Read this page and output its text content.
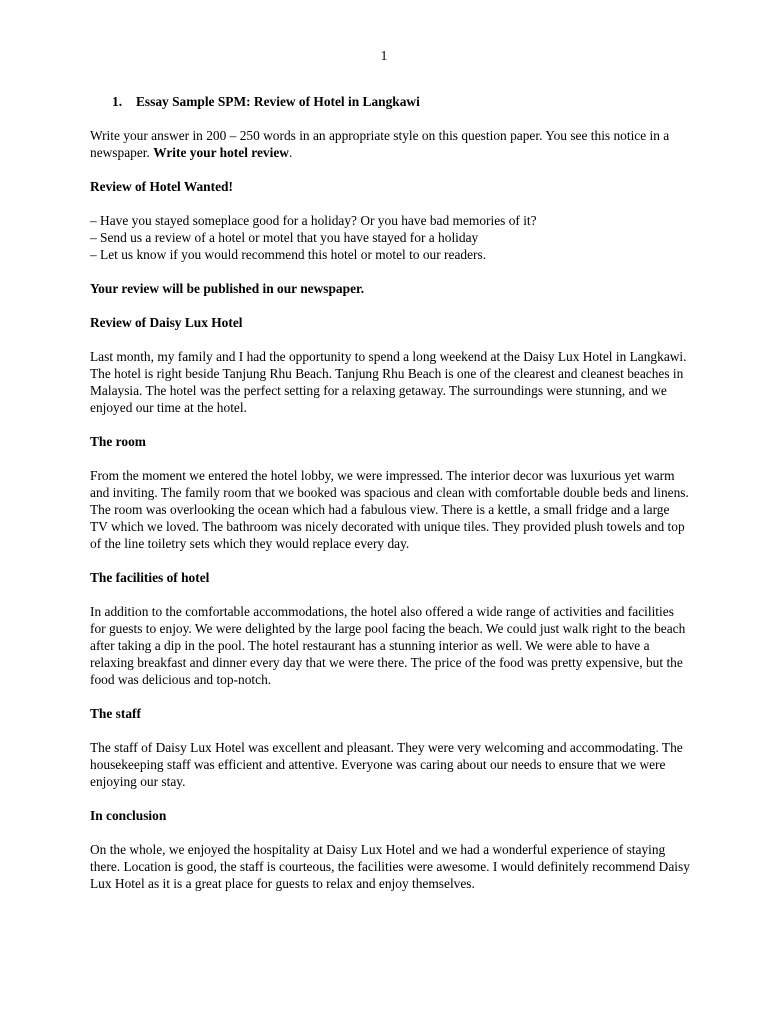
1

1. Essay Sample SPM: Review of Hotel in Langkawi

Write your answer in 200 – 250 words in an appropriate style on this question paper. You see this notice in a newspaper. Write your hotel review.

Review of Hotel Wanted!

– Have you stayed someplace good for a holiday? Or you have bad memories of it?
– Send us a review of a hotel or motel that you have stayed for a holiday
– Let us know if you would recommend this hotel or motel to our readers.

Your review will be published in our newspaper.

Review of Daisy Lux Hotel

Last month, my family and I had the opportunity to spend a long weekend at the Daisy Lux Hotel in Langkawi. The hotel is right beside Tanjung Rhu Beach. Tanjung Rhu Beach is one of the clearest and cleanest beaches in Malaysia. The hotel was the perfect setting for a relaxing getaway. The surroundings were stunning, and we enjoyed our time at the hotel.

The room

From the moment we entered the hotel lobby, we were impressed. The interior decor was luxurious yet warm and inviting. The family room that we booked was spacious and clean with comfortable double beds and linens. The room was overlooking the ocean which had a fabulous view. There is a kettle, a small fridge and a large TV which we loved. The bathroom was nicely decorated with unique tiles. They provided plush towels and top of the line toiletry sets which they would replace every day.

The facilities of hotel

In addition to the comfortable accommodations, the hotel also offered a wide range of activities and facilities for guests to enjoy. We were delighted by the large pool facing the beach. We could just walk right to the beach after taking a dip in the pool. The hotel restaurant has a stunning interior as well. We were able to have a relaxing breakfast and dinner every day that we were there. The price of the food was pretty expensive, but the food was delicious and top-notch.

The staff

The staff of Daisy Lux Hotel was excellent and pleasant. They were very welcoming and accommodating. The housekeeping staff was efficient and attentive. Everyone was caring about our needs to ensure that we were enjoying our stay.

In conclusion

On the whole, we enjoyed the hospitality at Daisy Lux Hotel and we had a wonderful experience of staying there. Location is good, the staff is courteous, the facilities were awesome. I would definitely recommend Daisy Lux Hotel as it is a great place for guests to relax and enjoy themselves.
